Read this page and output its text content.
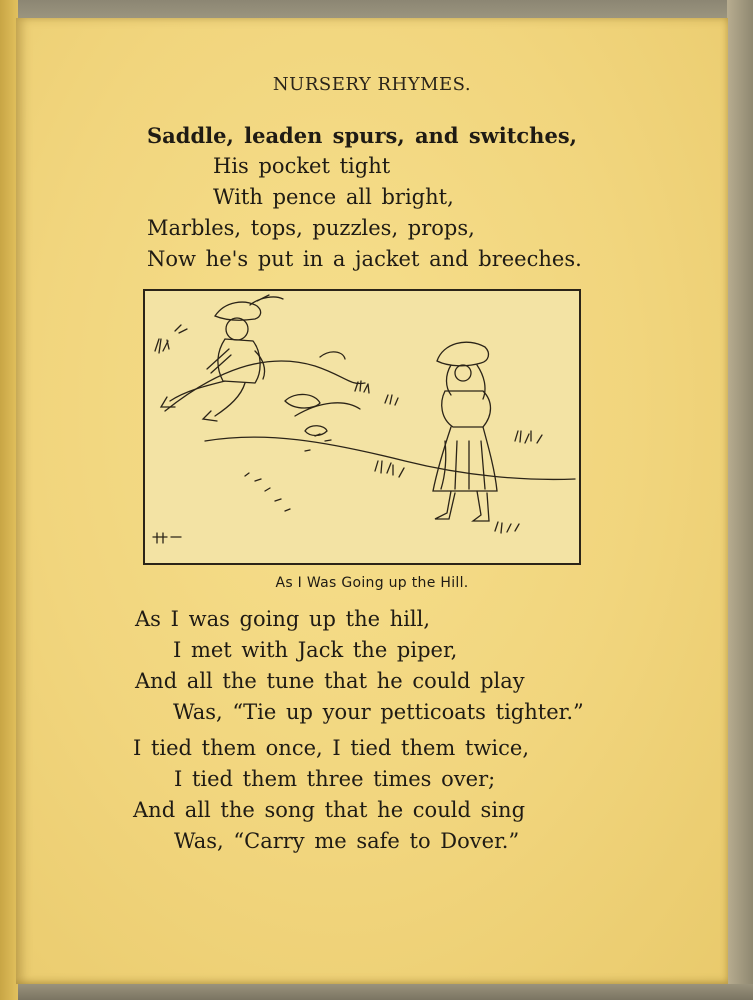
NURSERY RHYMES.
Saddle, leaden spurs, and switches,
His pocket tight
With pence all bright,
Marbles, tops, puzzles, props,
Now he's put in a jacket and breeches.
As I Was Going up the Hill.
As I was going up the hill,
I met with Jack the piper,
And all the tune that he could play
Was, “Tie up your petticoats tighter.”
I tied them once, I tied them twice,
I tied them three times over;
And all the song that he could sing
Was, “Carry me safe to Dover.”
